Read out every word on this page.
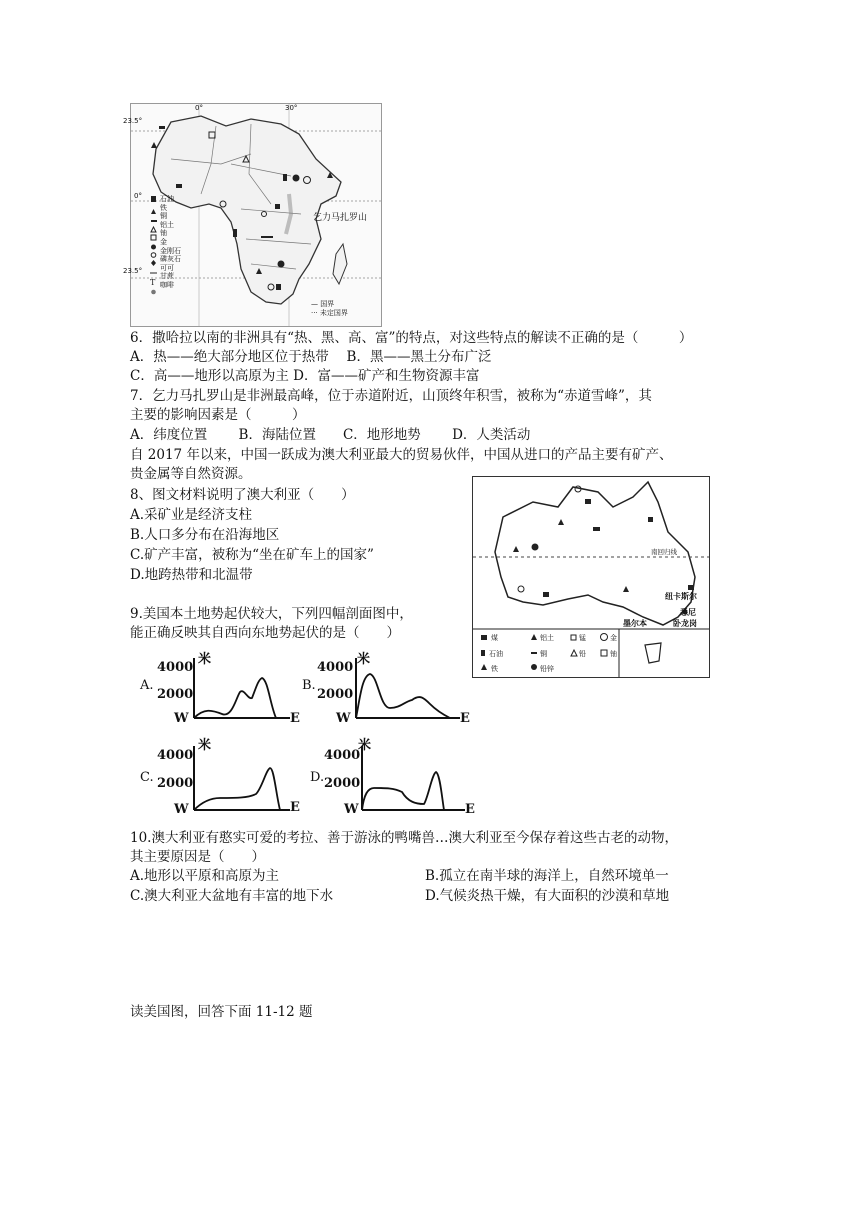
T
23.5°
0°
23.5°
0°	30°
乞力马扎罗山
石油
铁
铜
铝土
铀
金
金刚石
磷灰石
可可
甘蔗
咖啡
— 国界
··· 未定国界
6．撒哈拉以南的非洲具有“热、黑、高、富”的特点，对这些特点的解读不正确的是（　　　）
A．热——绝大部分地区位于热带　 B．黑——黑土分布广泛
C．高——地形以高原为主 D．富——矿产和生物资源丰富
7．乞力马扎罗山是非洲最高峰，位于赤道附近，山顶终年积雪，被称为“赤道雪峰”，其
主要的影响因素是（　　　）
A．纬度位置　　 B．海陆位置　　C．地形地势　　 D．人类活动
自 2017 年以来，中国一跃成为澳大利亚最大的贸易伙伴，中国从进口的产品主要有矿产、
贵金属等自然资源。
8、图文材料说明了澳大利亚（　　）
A.采矿业是经济支柱
B.人口多分布在沿海地区
C.矿产丰富，被称为“坐在矿车上的国家”
D.地跨热带和北温带
南回归线
纽卡斯尔
悉尼
卧龙岗
墨尔本
煤	铝土	锰	金
石油	铜	铅	铀
铁	铅锌
9.美国本土地势起伏较大，下列四幅剖面图中，
能正确反映其自西向东地势起伏的是（　　）
A.
米
4000
2000
W	E
B.
米
4000
2000
W	E
C.
米
4000
2000
W	E
D.
米
4000
2000
W	E
10.澳大利亚有憨实可爱的考拉、善于游泳的鸭嘴兽…澳大利亚至今保存着这些古老的动物，
其主要原因是（　　）
A.地形以平原和高原为主	B.孤立在南半球的海洋上，自然环境单一
C.澳大利亚大盆地有丰富的地下水	D.气候炎热干燥，有大面积的沙漠和草地
读美国图，回答下面 11-12 题
